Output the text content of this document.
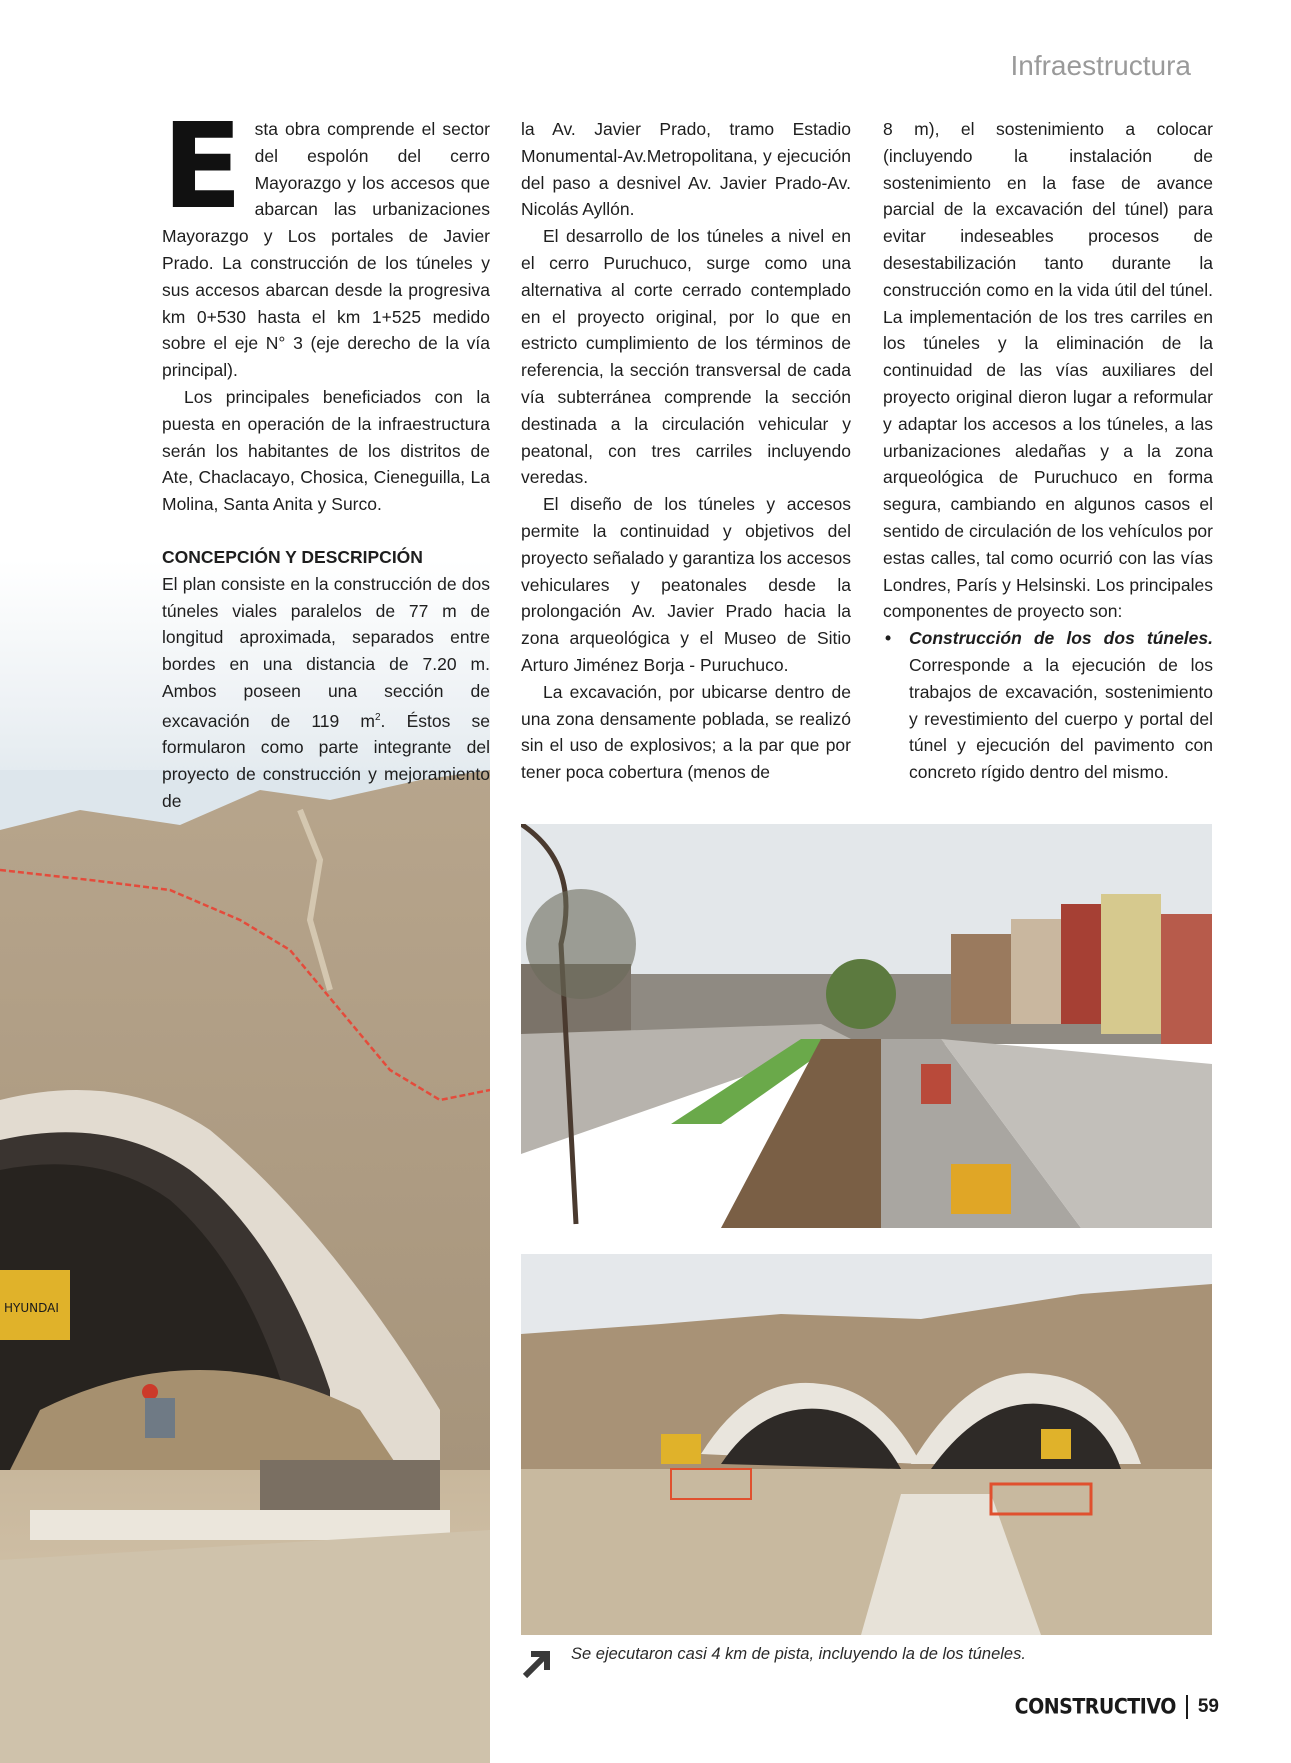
Infraestructura
HYUNDAI

Esta obra comprende el sector del espolón del cerro Mayorazgo y los accesos que abarcan las urbanizaciones Mayorazgo y Los portales de Javier Prado. La construcción de los túneles y sus accesos abarcan desde la progresiva km 0+530 hasta el km 1+525 medido sobre el eje N° 3 (eje derecho de la vía principal).

Los principales beneficiados con la puesta en operación de la infraestructura serán los habitantes de los distritos de Ate, Chaclacayo, Chosica, Cieneguilla, La Molina, Santa Anita y Surco.

CONCEPCIÓN Y DESCRIPCIÓN

El plan consiste en la construcción de dos túneles viales paralelos de 77 m de longitud aproximada, separados entre bordes en una distancia de 7.20 m. Ambos poseen una sección de excavación de 119 $m^2$. Éstos se formularon como parte integrante del proyecto de construcción y mejoramiento de

la Av. Javier Prado, tramo Estadio Monumental-Av.Metropolitana, y ejecución del paso a desnivel Av. Javier Prado-Av. Nicolás Ayllón.

El desarrollo de los túneles a nivel en el cerro Puruchuco, surge como una alternativa al corte cerrado contemplado en el proyecto original, por lo que en estricto cumplimiento de los términos de referencia, la sección transversal de cada vía subterránea comprende la sección destinada a la circulación vehicular y peatonal, con tres carriles incluyendo veredas.

El diseño de los túneles y accesos permite la continuidad y objetivos del proyecto señalado y garantiza los accesos vehiculares y peatonales desde la prolongación Av. Javier Prado hacia la zona arqueológica y el Museo de Sitio Arturo Jiménez Borja - Puruchuco.

La excavación, por ubicarse dentro de una zona densamente poblada, se realizó sin el uso de explosivos; a la par que por tener poca cobertura (menos de

8 m), el sostenimiento a colocar (incluyendo la instalación de sostenimiento en la fase de avance parcial de la excavación del túnel) para evitar indeseables procesos de desestabilización tanto durante la construcción como en la vida útil del túnel. La implementación de los tres carriles en los túneles y la eliminación de la continuidad de las vías auxiliares del proyecto original dieron lugar a reformular y adaptar los accesos a los túneles, a las urbanizaciones aledañas y a la zona arqueológica de Puruchuco en forma segura, cambiando en algunos casos el sentido de circulación de los vehículos por estas calles, tal como ocurrió con las vías Londres, París y Helsinski. Los principales componentes de proyecto son:

• Construcción de los dos túneles. Corresponde a la ejecución de los trabajos de excavación, sostenimiento y revestimiento del cuerpo y portal del túnel y ejecución del pavimento con concreto rígido dentro del mismo.

Se ejecutaron casi 4 km de pista, incluyendo la de los túneles.
CONSTRUCTIVO 59
